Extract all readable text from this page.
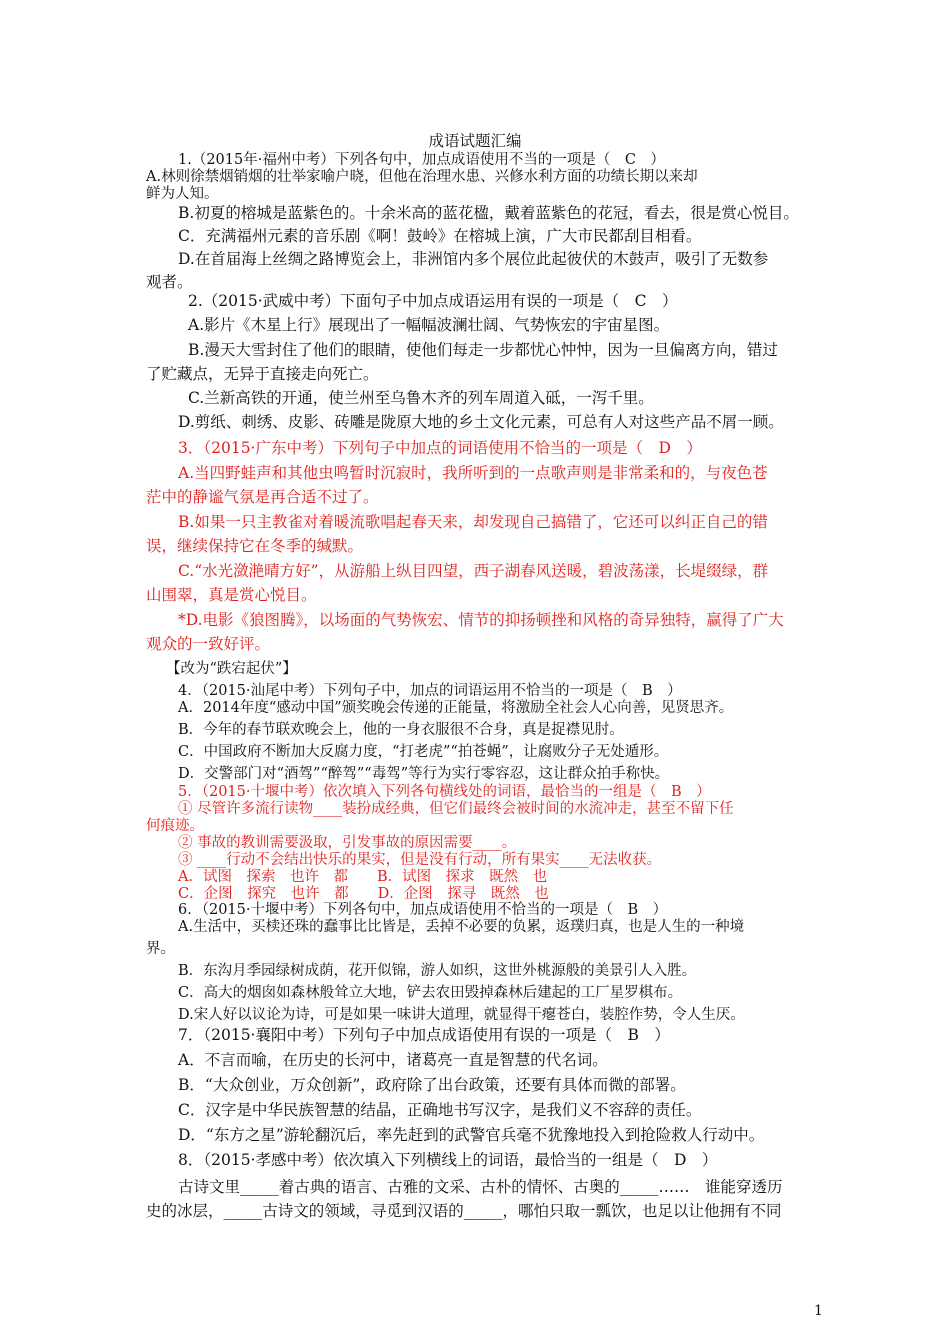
成语试题汇编
1.（2015年·福州中考）下列各句中，加点成语使用不当的一项是（　C　）
A.林则徐禁烟销烟的壮举家喻户晓，但他在治理水患、兴修水利方面的功绩长期以来却
鲜为人知。
B.初夏的榕城是蓝紫色的。十余米高的蓝花楹，戴着蓝紫色的花冠，看去，很是赏心悦目。
C．充满福州元素的音乐剧《啊！鼓岭》在榕城上演，广大市民都刮目相看。
D.在首届海上丝绸之路博览会上，非洲馆内多个展位此起彼伏的木鼓声，吸引了无数参
观者。
2.（2015·武威中考）下面句子中加点成语运用有误的一项是（　C　）
A.影片《木星上行》展现出了一幅幅波澜壮阔、气势恢宏的宇宙星图。
B.漫天大雪封住了他们的眼睛，使他们每走一步都忧心忡忡，因为一旦偏离方向，错过
了贮藏点，无异于直接走向死亡。
C.兰新高铁的开通，使兰州至乌鲁木齐的列车周道入砥，一泻千里。
D.剪纸、刺绣、皮影、砖雕是陇原大地的乡土文化元素，可总有人对这些产品不屑一顾。
3．（2015·广东中考）下列句子中加点的词语使用不恰当的一项是（　D　）
A.当四野蛙声和其他虫鸣暂时沉寂时，我所听到的一点歌声则是非常柔和的，与夜色苍
茫中的静谧气氛是再合适不过了。
B.如果一只主教雀对着暖流歌唱起春天来，却发现自己搞错了，它还可以纠正自己的错
误，继续保持它在冬季的缄默。
C.“水光潋滟晴方好”，从游船上纵目四望，西子湖春风送暖，碧波荡漾，长堤缀绿，群
山围翠，真是赏心悦目。
*D.电影《狼图腾》，以场面的气势恢宏、情节的抑扬顿挫和风格的奇异独特，赢得了广大
观众的一致好评。
【改为“跌宕起伏”】
4．（2015·汕尾中考）下列句子中，加点的词语运用不恰当的一项是（　B　）
A．2014年度“感动中国”颁奖晚会传递的正能量，将激励全社会人心向善，见贤思齐。
B．今年的春节联欢晚会上，他的一身衣服很不合身，真是捉襟见肘。
C．中国政府不断加大反腐力度，“打老虎”“拍苍蝇”，让腐败分子无处遁形。
D．交警部门对“酒驾”“醉驾”“毒驾”等行为实行零容忍，这让群众拍手称快。
5．（2015·十堰中考）依次填入下列各句横线处的词语，最恰当的一组是（　B　）
① 尽管许多流行读物____装扮成经典，但它们最终会被时间的水流冲走，甚至不留下任
何痕迹。
② 事故的教训需要汲取，引发事故的原因需要____。
③ ____行动不会结出快乐的果实，但是没有行动，所有果实____无法收获。
A．试图　探索　也许　都　　B．试图　探求　既然　也
C．企图　探究　也许　都　　D．企图　探寻　既然　也
6．（2015·十堰中考）下列各句中，加点成语使用不恰当的一项是（　B　）
A.生活中，买椟还珠的蠢事比比皆是，丢掉不必要的负累，返璞归真，也是人生的一种境
界。
B．东沟月季园绿树成荫，花开似锦，游人如织，这世外桃源般的美景引人入胜。
C．高大的烟囱如森林般耸立大地，铲去农田毁掉森林后建起的工厂星罗棋布。
D.宋人好以议论为诗，可是如果一味讲大道理，就显得干瘪苍白，装腔作势，令人生厌。
7．（2015·襄阳中考）下列句子中加点成语使用有误的一项是（　B　）
A．不言而喻，在历史的长河中，诸葛亮一直是智慧的代名词。
B．“大众创业，万众创新”，政府除了出台政策，还要有具体而微的部署。
C．汉字是中华民族智慧的结晶，正确地书写汉字，是我们义不容辞的责任。
D．“东方之星”游轮翻沉后，率先赶到的武警官兵毫不犹豫地投入到抢险救人行动中。
8．（2015·孝感中考）依次填入下列横线上的词语，最恰当的一组是（　D　）
古诗文里_____着古典的语言、古雅的文采、古朴的情怀、古奥的_____……　谁能穿透历
史的冰层，_____古诗文的领域，寻觅到汉语的_____，哪怕只取一瓢饮，也足以让他拥有不同
1
